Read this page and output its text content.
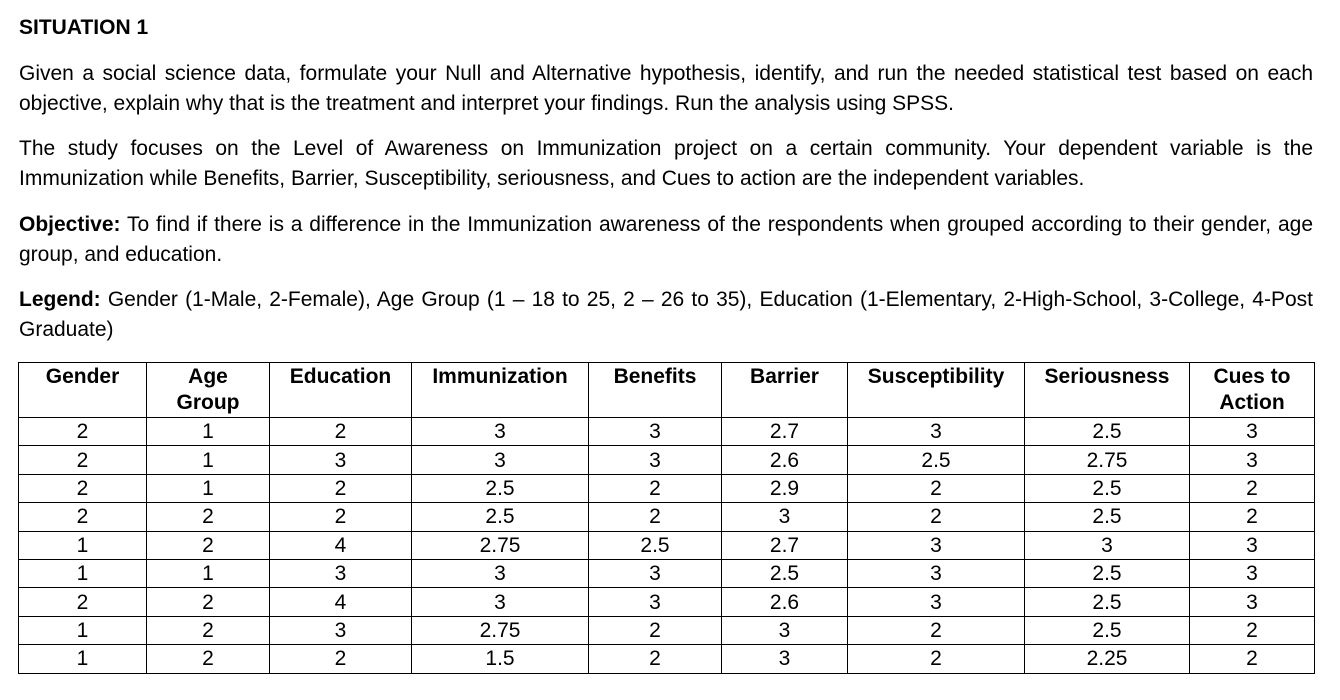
SITUATION 1

Given a social science data, formulate your Null and Alternative hypothesis, identify, and run the needed statistical test based on each objective, explain why that is the treatment and interpret your findings. Run the analysis using SPSS.

The study focuses on the Level of Awareness on Immunization project on a certain community. Your dependent variable is the Immunization while Benefits, Barrier, Susceptibility, seriousness, and Cues to action are the independent variables.

Objective: To find if there is a difference in the Immunization awareness of the respondents when grouped according to their gender, age group, and education.

Legend: Gender (1-Male, 2-Female), Age Group (1 – 18 to 25, 2 – 26 to 35), Education (1-Elementary, 2-High-School, 3-College, 4-Post Graduate)

Gender	Age Group	Education	Immunization	Benefits	Barrier	Susceptibility	Seriousness	Cues to Action

2	1	2	3	3	2.7	3	2.5	3
2	1	3	3	3	2.6	2.5	2.75	3
2	1	2	2.5	2	2.9	2	2.5	2
2	2	2	2.5	2	3	2	2.5	2
1	2	4	2.75	2.5	2.7	3	3	3
1	1	3	3	3	2.5	3	2.5	3
2	2	4	3	3	2.6	3	2.5	3
1	2	3	2.75	2	3	2	2.5	2
1	2	2	1.5	2	3	2	2.25	2
